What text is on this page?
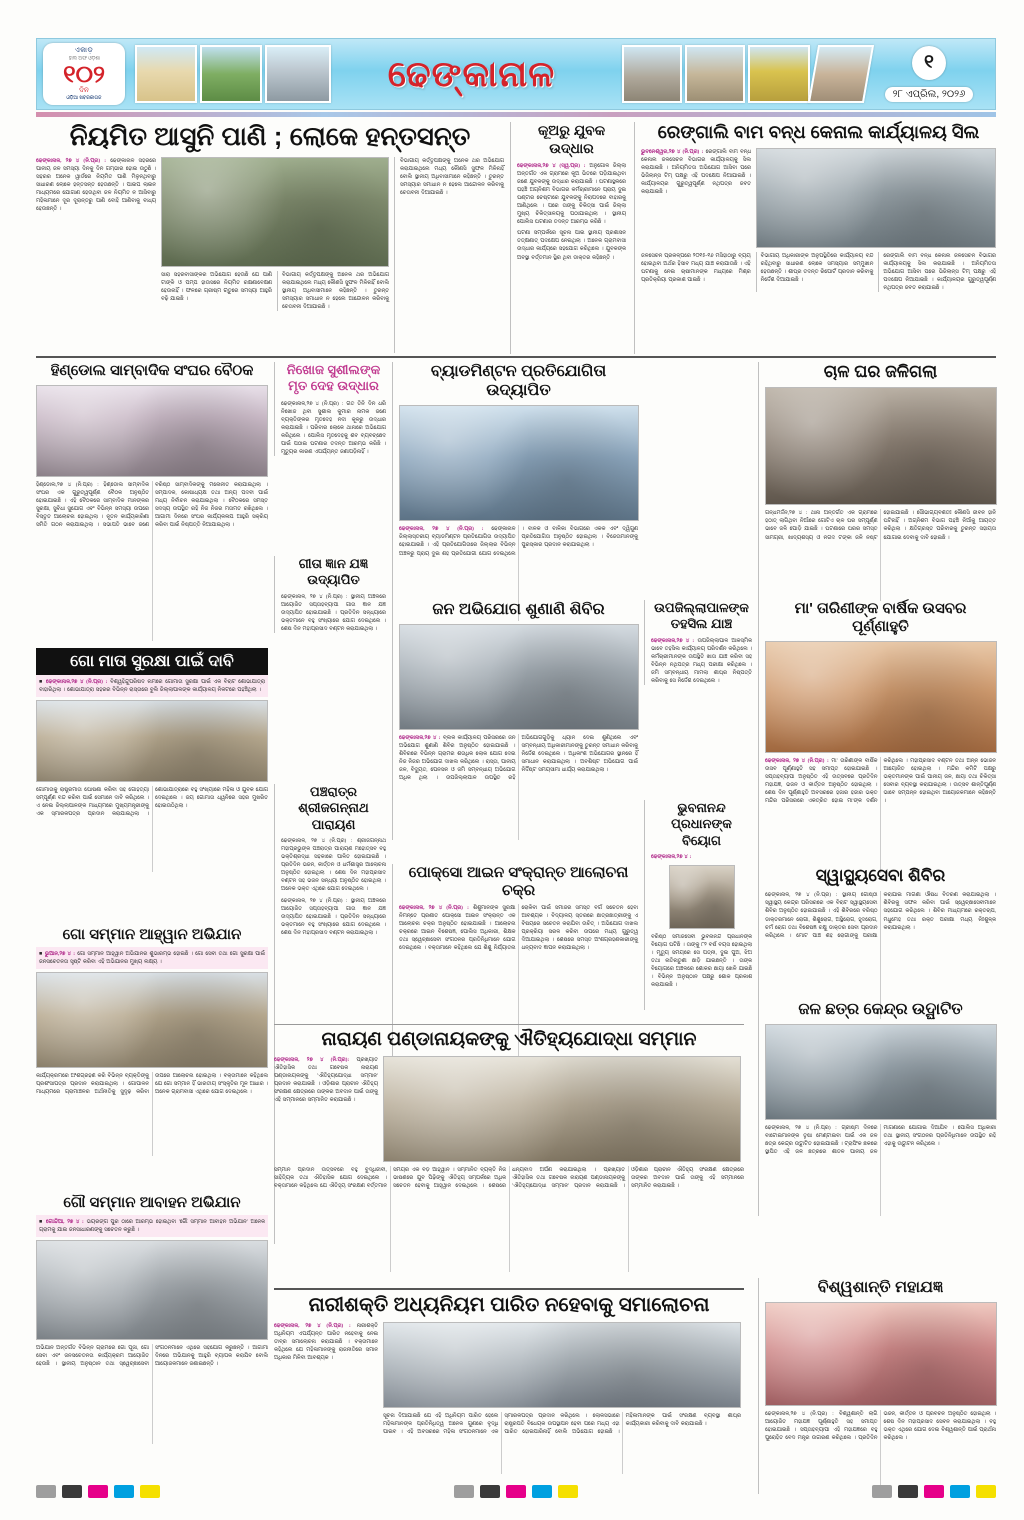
ଏକାଡ଼
ହାଲ ଅଫ ଓଡ଼ିଶା
୧୦୨
ଦିନ
ଓଡ଼ିଆ ଖବରକାଗଜ
ଢେଙ୍କାନାଳ	୧
୨୮ ଏପ୍ରିଲ, ୨୦୨୬
ନିୟମିତ ଆସୁନି ପାଣି ; ଲୋକେ ହନ୍ତସନ୍ତ
ଢେଙ୍କାନାଳ, ୨୭ ୪ (ନି.ପ୍ର) : ଢେଙ୍କାନାଳ ସହରରେ ପାନୀୟ ଜଳ ସମସ୍ୟା ଦିନକୁ ଦିନ ଗମ୍ଭୀର ହୋଇ ଉଠୁଛି । ସହରର ଅନେକ ୱାର୍ଡରେ ନିୟମିତ ପାଣି ମିଳୁନଥିବାରୁ ସାଧାରଣ ଲୋକେ ହନ୍ତସନ୍ତ ହେଉଛନ୍ତି । ପାଇପ ଲାଇନ ମାଧ୍ୟମରେ ଯୋଗାଣ ହେଉଥିବା ଜଳ ନିୟମିତ ନ ଆସିବାରୁ ମହିଳାମାନେ ଦୂର ଦୂରାନ୍ତରୁ ପାଣି ବୋହି ଆଣିବାକୁ ବାଧ୍ୟ ହେଉଛନ୍ତି ।
ସାରା ସହରବାସୀଙ୍କର ଅଭିଯୋଗ ହେଉଛି ଯେ ପାଣି ଟାଙ୍କି ଓ ପମ୍ପ ହାଉସରେ ନିୟମିତ ରକ୍ଷଣାବେକ୍ଷଣ ହେଉନାହିଁ । ଫଳରେ ଗ୍ରୀଷ୍ମ ଋତୁରେ ସମସ୍ୟା ଆହୁରି ବଢ଼ି ଯାଇଛି ।
ବିଭାଗୀୟ କର୍ତ୍ତୃପକ୍ଷଙ୍କୁ ଅନେକ ଥର ଅଭିଯୋଗ କରାଯାଇଥିଲେ ମଧ୍ୟ କୌଣସି ସୁଫଳ ମିଳିନାହିଁ ବୋଲି ସ୍ଥାନୀୟ ଅଧିବାସୀମାନେ କହିଛନ୍ତି । ତୁରନ୍ତ ସମସ୍ୟାର ସମାଧାନ ନ ହେଲେ ଆନ୍ଦୋଳନ କରିବାକୁ ଚେତାବନୀ ଦିଆଯାଇଛି ।
ବିଭାଗୀୟ କର୍ତ୍ତୃପକ୍ଷଙ୍କୁ ଅନେକ ଥର ଅଭିଯୋଗ କରାଯାଇଥିଲେ ମଧ୍ୟ କୌଣସି ସୁଫଳ ମିଳିନାହିଁ ବୋଲି ସ୍ଥାନୀୟ ଅଧିବାସୀମାନେ କହିଛନ୍ତି । ତୁରନ୍ତ ସମସ୍ୟାର ସମାଧାନ ନ ହେଲେ ଆନ୍ଦୋଳନ କରିବାକୁ ଚେତାବନୀ ଦିଆଯାଇଛି ।
କୂଅରୁ ଯୁବକ ଉଦ୍ଧାର
ଢେଙ୍କାନାଳ,୨୭ ୪ (ସ୍ୱ.ପ୍ର) : ଅନୁଗୋଳ ଜିଲ୍ଲା ଅନ୍ତର୍ଗତ ଏକ ଗ୍ରାମରେ କୂଅ ଭିତରେ ପଡ଼ିଯାଇଥିବା ଜଣେ ଯୁବକଙ୍କୁ ଉଦ୍ଧାର କରାଯାଇଛି । ଘଟଣାସ୍ଥଳରେ ପହଞ୍ଚି ଅଗ୍ନିଶମ ବିଭାଗର କର୍ମଚାରୀମାନେ ପ୍ରାୟ ଦୁଇ ଘଣ୍ଟାର ଚେଷ୍ଟାରେ ଯୁବକଙ୍କୁ ନିରାପଦରେ ବାହାରକୁ ଆଣିଥିଲେ । ପରେ ତାଙ୍କୁ ଚିକିତ୍ସା ପାଇଁ ଜିଲ୍ଲା ମୁଖ୍ୟ ଚିକିତ୍ସାଳୟକୁ ପଠାଯାଇଥିଲା । ସ୍ଥାନୀୟ ପୋଲିସ ଘଟଣାର ତଦନ୍ତ ଆରମ୍ଭ କରିଛି ।
ଘଟଣା ସମ୍ପର୍କରେ ସୂଚନା ପାଇ ସ୍ଥାନୀୟ ପ୍ରଶାସନ ତତ୍‌କ୍ଷଣାତ୍ ପଦକ୍ଷେପ ନେଇଥିଲା । ଅନେକ ଗ୍ରାମବାସୀ ଉଦ୍ଧାର କାର୍ଯ୍ୟରେ ସହଯୋଗ କରିଥିଲେ । ଯୁବକଙ୍କ ଅବସ୍ଥା ବର୍ତ୍ତମାନ ସ୍ଥିର ଥିବା ଡାକ୍ତର କହିଛନ୍ତି ।
ରେଙ୍ଗାଲି ବାମ ବନ୍ଧ କେନାଲ କାର୍ଯ୍ୟାଳୟ ସିଲ
ଭୁବନେଶ୍ୱର,୨୭ ୪ (ନି.ପ୍ର) : ରେଙ୍ଗାଲି ବାମ ବନ୍ଧ କେନାଲ ଜଳସେଚନ ବିଭାଗର କାର୍ଯ୍ୟାଳୟକୁ ସିଲ କରାଯାଇଛି । ଅନିୟମିତତା ଅଭିଯୋଗ ଆସିବା ପରେ ଭିଜିଲାନ୍ସ ଟିମ୍ ପକ୍ଷରୁ ଏହି ପଦକ୍ଷେପ ନିଆଯାଇଛି । କାର୍ଯ୍ୟାଳୟର ଗୁରୁତ୍ୱପୂର୍ଣ୍ଣ ନଥିପତ୍ର ଜବତ କରାଯାଇଛି ।
ଜଳସେଚନ ପ୍ରକଳ୍ପରେ ୨୦୧୫-୧୬ ମସିହାଠାରୁ ବ୍ୟୟ ହୋଇଥିବା ଅର୍ଥର ହିସାବ ମଧ୍ୟ ଯାଞ୍ଚ କରାଯାଉଛି । ଏହି ଘଟଣାକୁ ନେଇ ଚାଷୀମାନଙ୍କ ମଧ୍ୟରେ ମିଶ୍ର ପ୍ରତିକ୍ରିୟା ପ୍ରକାଶ ପାଇଛି ।
ବିଭାଗୀୟ ଅଧିକାରୀଙ୍କ ଅନୁପସ୍ଥିତିରେ କାର୍ଯ୍ୟାଳୟ ବନ୍ଦ ରହିଥିବାରୁ ସାଧାରଣ ଲୋକେ ସମସ୍ୟାର ସମ୍ମୁଖୀନ ହେଉଛନ୍ତି । ଶୀଘ୍ର ତଦନ୍ତ ରିପୋର୍ଟ ପ୍ରଦାନ କରିବାକୁ ନିର୍ଦ୍ଦେଶ ଦିଆଯାଇଛି ।
ରେଙ୍ଗାଲି ବାମ ବନ୍ଧ କେନାଲ ଜଳସେଚନ ବିଭାଗର କାର୍ଯ୍ୟାଳୟକୁ ସିଲ କରାଯାଇଛି । ଅନିୟମିତତା ଅଭିଯୋଗ ଆସିବା ପରେ ଭିଜିଲାନ୍ସ ଟିମ୍ ପକ୍ଷରୁ ଏହି ପଦକ୍ଷେପ ନିଆଯାଇଛି । କାର୍ଯ୍ୟାଳୟର ଗୁରୁତ୍ୱପୂର୍ଣ୍ଣ ନଥିପତ୍ର ଜବତ କରାଯାଇଛି ।
ହିଣ୍ଡୋଲ ସାମ୍ବାଦିକ ସଂଘର ବୈଠକ
ହିଣ୍ଡୋଲ,୨୭ ୪ (ନି.ପ୍ର) : ହିଣ୍ଡୋଲ ସାମ୍ବାଦିକ ସଂଘର ଏକ ଗୁରୁତ୍ୱପୂର୍ଣ୍ଣ ବୈଠକ ଅନୁଷ୍ଠିତ ହୋଇଯାଇଛି । ଏହି ବୈଠକରେ ସାମ୍ବାଦିକ ମାନଙ୍କର ସୁରକ୍ଷା, ସୁବିଧା ସୁଯୋଗ ଏବଂ ବିଭିନ୍ନ ସମସ୍ୟା ଉପରେ ବିସ୍ତୃତ ଆଲୋଚନା ହୋଇଥିଲା । ନୂତନ କାର୍ଯ୍ୟକାରିଣୀ ସମିତି ଗଠନ କରାଯାଇଥିଲା । ସଭାପତି ଭାବେ ଜଣେ ବରିଷ୍ଠ ସାମ୍ବାଦିକଙ୍କୁ ମନୋନୀତ କରାଯାଇଥିଲା । ସମ୍ପାଦକ, କୋଷାଧ୍ୟକ୍ଷ ତଥା ଅନ୍ୟ ପଦବୀ ପାଇଁ ମଧ୍ୟ ନିର୍ବାଚନ କରାଯାଇଥିଲା । ବୈଠକରେ ସମସ୍ତ ସଦସ୍ୟ ଉପସ୍ଥିତ ରହି ନିଜ ନିଜର ମତାମତ ରଖିଥିଲେ । ଆଗାମୀ ଦିନରେ ସଂଘର କାର୍ଯ୍ୟକଳାପ ଆହୁରି ସକ୍ରିୟ କରିବା ପାଇଁ ନିଷ୍ପତ୍ତି ନିଆଯାଇଥିଲା ।
ଗୋ ମାତା ସୁରକ୍ଷା ପାଇଁ ଦାବି
■ ଢେଙ୍କାନାଳ,୨୭ ୪ (ନି.ପ୍ର) : ବିଶ୍ୱହିନ୍ଦୁପରିଷଦ ନାମରେ ଗୋମାତା ସୁରକ୍ଷା ପାଇଁ ଏକ ବିରାଟ ଶୋଭାଯାତ୍ରା ବାହାରିଥିଲା । ଶୋଭାଯାତ୍ରା ସହରର ବିଭିନ୍ନ ରାସ୍ତାରେ ବୁଲି ଜିଲ୍ଲାପାଳଙ୍କ କାର୍ଯ୍ୟାଳୟ ନିକଟରେ ପହଞ୍ଚିଥିଲା ।
ଗୋମାତାକୁ ରାଷ୍ଟ୍ରମାତା ଘୋଷଣା କରିବା ସହ ଗୋହତ୍ୟା ସମ୍ପୂର୍ଣ୍ଣ ବନ୍ଦ କରିବା ପାଇଁ ସେମାନେ ଦାବି କରିଥିଲେ । ଏ ନେଇ ଜିଲ୍ଲାପାଳଙ୍କ ମାଧ୍ୟମରେ ମୁଖ୍ୟମନ୍ତ୍ରୀଙ୍କୁ ଏକ ସ୍ମାରକପତ୍ର ପ୍ରଦାନ କରାଯାଇଥିଲା । ଶୋଭାଯାତ୍ରାରେ ବହୁ ସଂଖ୍ୟାରେ ମହିଳା ଓ ଯୁବକ ଯୋଗ ଦେଇଥିଲେ । ଜୟ ଗୋମାତା ଧ୍ୱନିରେ ସହର ମୁଖରିତ ହୋଇଉଠିଥିଲା ।
ଗୋ ସମ୍ମାନ ଆହ୍ୱାନ ଅଭିଯାନ
■ ଭୁଆନ,୨୭ ୪ : ଗୋ ସମ୍ମାନ ଆହ୍ୱାନ ଅଭିଯାନର ଶୁଭାରମ୍ଭ ହୋଇଛି । ଗୋ ସେବା ତଥା ଗୋ ସୁରକ୍ଷା ପାଇଁ ଜନସଚେତନତା ସୃଷ୍ଟି କରିବା ଏହି ଅଭିଯାନର ମୁଖ୍ୟ ଲକ୍ଷ୍ୟ ।
କାର୍ଯ୍ୟକ୍ରମରେ ଅଂଶଗ୍ରହଣ କରି ବିଭିନ୍ନ ବ୍ୟକ୍ତିଙ୍କୁ ପ୍ରଶଂସାପତ୍ର ପ୍ରଦାନ କରାଯାଇଥିଲା । ଗୋପାଳନ ମାଧ୍ୟମରେ ଗ୍ରାମାଞ୍ଚଳର ଅର୍ଥନୀତିକୁ ସୁଦୃଢ଼ କରିବା ଉପରେ ଆଲୋଚନା ହୋଇଥିଲା । ବକ୍ତାମାନେ କହିଥିଲେ ଯେ ଗୋ ସମ୍ମାନ ହିଁ ଭାରତୀୟ ସଂସ୍କୃତିର ମୂଳ ଆଧାର । ଅନେକ ଗ୍ରାମବାସୀ ଏଥିରେ ଯୋଗ ଦେଇଥିଲେ ।
ଗୌ ସମ୍ମାନ ଆବାହନ ଅଭିଯାନ
■ ଗୋନ୍ଦିଆ, ୨୭ ୪ : ଭୟରଙ୍ଗ ପୁର ଠାରେ ଆରମ୍ଭ ହୋଇଥିବା 'ଗୌ ସମ୍ମାନ ଆବାହନ ଅଭିଯାନ' ଅନେକ ଗ୍ରାମକୁ ଯାଇ ଜନସାଧାରଣଙ୍କୁ ସଚେତନ କରୁଛି ।
ଅଭିଯାନ ଅନ୍ତର୍ଗତ ବିଭିନ୍ନ ଗ୍ରାମରେ ଗୋ ପୂଜା, ଗୋ ସେବା ଏବଂ ଜନସଚେତନତା କାର୍ଯ୍ୟକ୍ରମ ଆୟୋଜିତ ହେଉଛି । ସ୍ଥାନୀୟ ଅନୁଷ୍ଠାନ ତଥା ସ୍ୱେଚ୍ଛାସେବୀ ସଂଗଠନମାନେ ଏଥିରେ ସହଯୋଗ କରୁଛନ୍ତି । ଆଗାମୀ ଦିନରେ ଅଭିଯାନକୁ ଆହୁରି ବ୍ୟାପକ କରାଯିବ ବୋଲି ଆୟୋଜକମାନେ ଜଣାଇଛନ୍ତି ।
ନିଖୋଜ ସୁଶୀଲଙ୍କ
ମୃତ ଦେହ ଉଦ୍ଧାର
ଢେଙ୍କାନାଳ,୨୭ ୪ (ନି.ପ୍ର) : ଗତ ତିନି ଦିନ ଧରି ନିଖୋଜ ଥିବା ସୁଶୀଲ କୁମାର ନାମକ ଜଣେ ବ୍ୟକ୍ତିଙ୍କର ମୃତଦେହ ନଦୀ କୂଳରୁ ଉଦ୍ଧାର କରାଯାଇଛି । ପରିବାର ଲୋକେ ଥାନାରେ ଅଭିଯୋଗ କରିଥିଲେ । ପୋଲିସ ମୃତଦେହକୁ ଶବ ବ୍ୟବଚ୍ଛେଦ ପାଇଁ ପଠାଇ ଘଟଣାର ତଦନ୍ତ ଆରମ୍ଭ କରିଛି । ମୃତ୍ୟୁର କାରଣ ଏପର୍ଯ୍ୟନ୍ତ ଜଣାପଡ଼ିନାହିଁ ।
ଗୀତା ଜ୍ଞାନ ଯଜ୍ଞ
ଉଦ୍ୟାପିତ
ଢେଙ୍କାନାଳ, ୨୭ ୪ (ନି.ପ୍ର) : ସ୍ଥାନୀୟ ଅଞ୍ଚଳରେ ଆୟୋଜିତ ସପ୍ତାହବ୍ୟାପୀ ଗୀତା ଜ୍ଞାନ ଯଜ୍ଞ ଉଦ୍ୟାପିତ ହୋଇଯାଇଛି । ପ୍ରତିଦିନ ସନ୍ଧ୍ୟାରେ ଭକ୍ତମାନେ ବହୁ ସଂଖ୍ୟାରେ ଯୋଗ ଦେଇଥିଲେ । ଶେଷ ଦିନ ମହାପ୍ରସାଦ ବଣ୍ଟନ କରାଯାଇଥିଲା ।
ପଞ୍ଚରାତ୍ର ଶ୍ରୀଜଗନ୍ନାଥ
ପାରାୟଣ
ଢେଙ୍କାନାଳ, ୨୭ ୪ (ନି.ପ୍ର) : ଶ୍ରୀଜଗନ୍ନାଥ ମହାପ୍ରଭୁଙ୍କ ପଞ୍ଚରାତ୍ର ପାରାୟଣ ମହୋତ୍ସବ ବହୁ ଭକ୍ତିଶ୍ରଦ୍ଧା ସହକାରେ ପାଳିତ ହୋଇଯାଇଛି । ପ୍ରତିଦିନ ଭଜନ, କୀର୍ତ୍ତନ ଓ ଧର୍ମଶାସ୍ତ୍ର ଆଲୋଚନା ଅନୁଷ୍ଠିତ ହୋଇଥିଲା । ଶେଷ ଦିନ ମହାପ୍ରସାଦ ବଣ୍ଟନ ସହ ଭଜନ ସନ୍ଧ୍ୟା ଅନୁଷ୍ଠିତ ହୋଇଥିଲା । ଅନେକ ଭକ୍ତ ଏଥିରେ ଯୋଗ ଦେଇଥିଲେ ।
ଢେଙ୍କାନାଳ, ୨୭ ୪ (ନି.ପ୍ର) : ସ୍ଥାନୀୟ ଅଞ୍ଚଳରେ ଆୟୋଜିତ ସପ୍ତାହବ୍ୟାପୀ ଗୀତା ଜ୍ଞାନ ଯଜ୍ଞ ଉଦ୍ୟାପିତ ହୋଇଯାଇଛି । ପ୍ରତିଦିନ ସନ୍ଧ୍ୟାରେ ଭକ୍ତମାନେ ବହୁ ସଂଖ୍ୟାରେ ଯୋଗ ଦେଇଥିଲେ । ଶେଷ ଦିନ ମହାପ୍ରସାଦ ବଣ୍ଟନ କରାଯାଇଥିଲା ।
ବ୍ୟାଡମିଣ୍ଟନ ପ୍ରତିଯୋଗିତା ଉଦ୍ୟାପିତ
ଢେଙ୍କାନାଳ, ୨୭ ୪ (ନି.ପ୍ର) : ଢେଙ୍କାନାଳ ଜିଲ୍ଲାସ୍ତରୀୟ ବ୍ୟାଡମିଣ୍ଟନ ପ୍ରତିଯୋଗିତା ଉଦ୍ୟାପିତ ହୋଇଯାଇଛି । ଏହି ପ୍ରତିଯୋଗିତାରେ ଜିଲ୍ଲାର ବିଭିନ୍ନ ଅଞ୍ଚଳରୁ ପ୍ରାୟ ଦୁଇ ଶହ ପ୍ରତିଯୋଗୀ ଯୋଗ ଦେଇଥିଲେ । ବାଳକ ଓ ବାଳିକା ବିଭାଗରେ ଏକକ ଏବଂ ଦ୍ୱିଗୁଣ ପ୍ରତିଯୋଗିତା ଅନୁଷ୍ଠିତ ହୋଇଥିଲା । ବିଜେତାମାନଙ୍କୁ ପୁରସ୍କାର ପ୍ରଦାନ କରାଯାଇଥିଲା ।
ଜନ ଅଭିଯୋଗ ଶୁଣାଣି ଶିବିର
ଢେଙ୍କାନାଳ,୨୭ ୪ : ବ୍ଲକ କାର୍ଯ୍ୟାଳୟ ପରିସରରେ ଜନ ଅଭିଯୋଗ ଶୁଣାଣି ଶିବିର ଅନୁଷ୍ଠିତ ହୋଇଯାଇଛି । ଶିବିରରେ ବିଭିନ୍ନ ଗ୍ରାମର ଶତାଧିକ ଲୋକ ଯୋଗ ଦେଇ ନିଜ ନିଜର ଅଭିଯୋଗ ଦାଖଲ କରିଥିଲେ । ରାସ୍ତା, ପାନୀୟ ଜଳ, ବିଦ୍ୟୁତ, ପେନସନ ଓ ଜମି ସମ୍ବନ୍ଧୀୟ ଅଭିଯୋଗ ଅଧିକ ଥିଲା । ଉପଜିଲ୍ଲାପାଳ ଉପସ୍ଥିତ ରହି ଅଭିଯୋଗଗୁଡ଼ିକୁ ଧ୍ୟାନ ଦେଇ ଶୁଣିଥିଲେ ଏବଂ ସମ୍ବନ୍ଧୀୟ ଅଧିକାରୀମାନଙ୍କୁ ତୁରନ୍ତ ସମାଧାନ କରିବାକୁ ନିର୍ଦ୍ଦେଶ ଦେଇଥିଲେ । ଅଧିକାଂଶ ଅଭିଯୋଗର ସ୍ଥାନରେ ହିଁ ସମାଧାନ କରାଯାଇଥିଲା । ଅବଶିଷ୍ଟ ଅଭିଯୋଗ ପାଇଁ ନିର୍ଦ୍ଦିଷ୍ଟ ସମୟସୀମା ଧାର୍ଯ୍ୟ କରାଯାଇଥିଲା ।
ପୋକ୍‌ସୋ ଆଇନ ସଂକ୍ରାନ୍ତ ଆଲୋଚନା ଚକ୍ର
ଢେଙ୍କାନାଳ, ୨୭ ୪ (ନି.ପ୍ର) : ଶିଶୁମାନଙ୍କ ସୁରକ୍ଷା ନିମନ୍ତେ ପ୍ରଣୀତ ପୋକ୍‌ସୋ ଆଇନ ସଂକ୍ରାନ୍ତ ଏକ ଆଲୋଚନା ଚକ୍ର ଅନୁଷ୍ଠିତ ହୋଇଯାଇଛି । ଆଲୋଚନା ଚକ୍ରରେ ଆଇନ ବିଶେଷଜ୍ଞ, ପୋଲିସ ଅଧିକାରୀ, ଶିକ୍ଷକ ତଥା ସ୍ୱେଚ୍ଛାସେବୀ ସଂଗଠନର ପ୍ରତିନିଧିମାନେ ଯୋଗ ଦେଇଥିଲେ । ବକ୍ତାମାନେ କହିଥିଲେ ଯେ ଶିଶୁ ନିର୍ଯ୍ୟାତନା ରୋକିବା ପାଇଁ ସମାଜର ସମସ୍ତ ବର୍ଗ ସଚେତନ ହେବା ଆବଶ୍ୟକ । ବିଦ୍ୟାଳୟ ସ୍ତରରେ ଛାତ୍ରଛାତ୍ରୀଙ୍କୁ ଏ ବିଷୟରେ ସଚେତନ କରାଯିବା ଉଚିତ୍ । ଅଭିଯୋଗ ଦାଖଲ ପ୍ରକ୍ରିୟା ସରଳ କରିବା ଉପରେ ମଧ୍ୟ ଗୁରୁତ୍ୱ ଦିଆଯାଇଥିଲା । ଶେଷରେ ସମସ୍ତ ଅଂଶଗ୍ରହଣକାରୀଙ୍କୁ ଧନ୍ୟବାଦ ଜ୍ଞାପନ କରାଯାଇଥିଲା ।
ନାରାୟଣ ପଣ୍ଡାନାୟକଙ୍କୁ ଐତିହ୍ୟଯୋଦ୍ଧା ସମ୍ମାନ
ଢେଙ୍କାନାଳ, ୨୭ ୪ (ନି.ପ୍ର): ପ୍ରଖ୍ୟାତ ଐତିହାସିକ ତଥା ଗବେଷକ ନାରାୟଣ ପଣ୍ଡାନାୟକଙ୍କୁ 'ଐତିହ୍ୟଯୋଦ୍ଧା ସମ୍ମାନ' ପ୍ରଦାନ କରାଯାଇଛି । ଓଡ଼ିଶାର ପ୍ରାଚୀନ ଐତିହ୍ୟ ସଂରକ୍ଷଣ କ୍ଷେତ୍ରରେ ତାଙ୍କର ଅବଦାନ ପାଇଁ ତାଙ୍କୁ ଏହି ସମ୍ମାନରେ ସମ୍ମାନିତ କରାଯାଇଛି ।
ସମ୍ମାନ ପ୍ରଦାନ ଉତ୍ସବରେ ବହୁ ବୁଦ୍ଧିଜୀବୀ, ସାହିତ୍ୟିକ ତଥା ଐତିହାସିକ ଯୋଗ ଦେଇଥିଲେ । ବକ୍ତାମାନେ କହିଥିଲେ ଯେ ଐତିହ୍ୟ ସଂରକ୍ଷଣ ବର୍ତ୍ତମାନ ସମୟର ଏକ ବଡ଼ ଆହ୍ୱାନ । ସମ୍ମାନିତ ବ୍ୟକ୍ତି ନିଜ ଭାଷଣରେ ଯୁବ ପିଢ଼ିଙ୍କୁ ଐତିହ୍ୟ ସମ୍ପର୍କରେ ଅଧିକ ସଚେତନ ହେବାକୁ ଆହ୍ୱାନ ଦେଇଥିଲେ । ଶେଷରେ ଧନ୍ୟବାଦ ଅର୍ପଣ କରାଯାଇଥିଲା । ପ୍ରଖ୍ୟାତ ଐତିହାସିକ ତଥା ଗବେଷକ ନାରାୟଣ ପଣ୍ଡାନାୟକଙ୍କୁ 'ଐତିହ୍ୟଯୋଦ୍ଧା ସମ୍ମାନ' ପ୍ରଦାନ କରାଯାଇଛି । ଓଡ଼ିଶାର ପ୍ରାଚୀନ ଐତିହ୍ୟ ସଂରକ୍ଷଣ କ୍ଷେତ୍ରରେ ତାଙ୍କର ଅବଦାନ ପାଇଁ ତାଙ୍କୁ ଏହି ସମ୍ମାନରେ ସମ୍ମାନିତ କରାଯାଇଛି ।
ନାରୀଶକ୍ତି ଅଧ୍ୟନିୟମ ପାରିତ ନହେବାକୁ ସମାଲୋଚନା
ଢେଙ୍କାନାଳ, ୨୭ ୪ (ନି.ପ୍ର) : ନାରୀଶକ୍ତି ଅଧିନିୟମ ଏପର୍ଯ୍ୟନ୍ତ ପାରିତ ନହେବାକୁ ନେଇ ତୀବ୍ର ସମାଲୋଚନା କରାଯାଇଛି । ବକ୍ତାମାନେ କହିଥିଲେ ଯେ ମହିଳାମାନଙ୍କୁ ରାଜନୀତିରେ ସମାନ ଅଧିକାର ମିଳିବା ଆବଶ୍ୟକ ।
ସୂଚନା ଦିଆଯାଇଛି ଯେ ଏହି ଅଧିନିୟମ ପାରିତ ହେଲେ ମହିଳାମାନଙ୍କ ପ୍ରତିନିଧିତ୍ୱ ଅନେକ ଗୁଣରେ ବୃଦ୍ଧି ପାଇବ । ଏହି ଅବସରରେ ମହିଳା ସଂଗଠନମାନେ ଏକ ସ୍ମାରକପତ୍ର ପ୍ରଦାନ କରିଥିଲେ । ଲୋକସଭାରେ ରାଷ୍ଟ୍ରପତି ବିଧେୟକ ଉପସ୍ଥାପନ ହେବା ପରେ ମଧ୍ୟ ଏହା ପାରିତ ହୋଇପାରିନାହିଁ ବୋଲି ଅଭିଯୋଗ ହୋଇଛି । ମହିଳାମାନଙ୍କ ପାଇଁ ସଂରକ୍ଷଣ ବ୍ୟବସ୍ଥା ଶୀଘ୍ର କାର୍ଯ୍ୟକାରୀ କରିବାକୁ ଦାବି କରାଯାଇଛି ।
ଉପଜିଲ୍ଲାପାଳଙ୍କ
ତହସିଲ ଯାଞ୍ଚ
ଢେଙ୍କାନାଳ,୨୭ ୪ : ଉପଜିଲ୍ଲାପାଳ ଆକସ୍ମିକ ଭାବେ ତହସିଲ କାର୍ଯ୍ୟାଳୟ ପରିଦର୍ଶନ କରିଥିଲେ । କର୍ମଚାରୀମାନଙ୍କ ଉପସ୍ଥିତି ଖାତା ଯାଞ୍ଚ କରିବା ସହ ବିଭିନ୍ନ ନଥିପତ୍ର ମଧ୍ୟ ପରୀକ୍ଷା କରିଥିଲେ । ଜମି ସମ୍ବନ୍ଧୀୟ ମାମଲା ଶୀଘ୍ର ନିଷ୍ପତ୍ତି କରିବାକୁ ସେ ନିର୍ଦ୍ଦେଶ ଦେଇଥିଲେ ।
ଭୁବନାନନ୍ଦ
ପ୍ରଧାନଙ୍କ ବିୟୋଗ
ଢେଙ୍କାନାଳ,୨୭ ୪ :
ବରିଷ୍ଠ ସମାଜସେବୀ ଭୁବନାନନ୍ଦ ପ୍ରଧାନଙ୍କ ବିୟୋଗ ଘଟିଛି । ତାଙ୍କୁ ୮୨ ବର୍ଷ ବୟସ ହୋଇଥିଲା । ମୃତ୍ୟୁ ସମୟରେ ସେ ପତ୍ନୀ, ଦୁଇ ପୁଅ, ଝିଅ ତଥା ନାତିନାତୁଣୀ ଛାଡ଼ି ଯାଇଛନ୍ତି । ତାଙ୍କ ବିୟୋଗରେ ଅଞ୍ଚଳରେ ଶୋକର ଛାୟା ଖେଳି ଯାଇଛି । ବିଭିନ୍ନ ଅନୁଷ୍ଠାନ ପକ୍ଷରୁ ଶୋକ ପ୍ରକାଶ କରାଯାଇଛି ।
ମା' ତାରିଣୀଙ୍କ ବାର୍ଷିକ ଉସବର ପୂର୍ଣ୍ଣାହୁତି
ଢେଙ୍କାନାଳ, ୨୭ ୪ (ନି.ପ୍ର) : ମା' ତାରିଣୀଙ୍କ ବାର୍ଷିକ ଉସବ ପୂର୍ଣ୍ଣାହୁତି ସହ ସମାପ୍ତ ହୋଇଯାଇଛି । ସପ୍ତାହବ୍ୟାପୀ ଅନୁଷ୍ଠିତ ଏହି ଉତ୍ସବରେ ପ୍ରତିଦିନ ମହାଯଜ୍ଞ, ଭଜନ ଓ କୀର୍ତ୍ତନ ଅନୁଷ୍ଠିତ ହୋଇଥିଲା । ଶେଷ ଦିନ ପୂର୍ଣ୍ଣାହୁତି ଅବସରରେ ହଜାର ହଜାର ଭକ୍ତ ମନ୍ଦିର ପରିସରରେ ଏକତ୍ରିତ ହୋଇ ମା'ଙ୍କ ଦର୍ଶନ କରିଥିଲେ । ମହାପ୍ରସାଦ ବଣ୍ଟନ ତଥା ଅନ୍ନ ଭୋଜନ ଆୟୋଜିତ ହୋଇଥିଲା । ମନ୍ଦିର କମିଟି ପକ୍ଷରୁ ଭକ୍ତମାନଙ୍କ ପାଇଁ ପାନୀୟ ଜଳ, ଛାୟା ତଥା ଚିକିତ୍ସା ସେବାର ବ୍ୟବସ୍ଥା କରାଯାଇଥିଲା । ଉତ୍ସବ ଶାନ୍ତିପୂର୍ଣ୍ଣ ଭାବେ ସମ୍ପନ୍ନ ହୋଇଥିବା ଆୟୋଜକମାନେ କହିଛନ୍ତି ।
ଚାଳ ଘର ଜଳିଗଲା
ଗନ୍ଧମର୍ଦ୍ଦନ,୨୭ ୪ : ଥାନା ଅନ୍ତର୍ଗତ ଏକ ଗ୍ରାମରେ ହଠାତ୍ ଲାଗିଥିବା ନିଆଁରେ ଗୋଟିଏ ଚାଳ ଘର ସମ୍ପୂର୍ଣ୍ଣ ଭାବେ ଜଳି ପୋଡ଼ି ଯାଇଛି । ଘଟଣାରେ ଘରର ସମସ୍ତ ସାମଗ୍ରୀ, ଖାଦ୍ୟଶସ୍ୟ ଓ ନଗଦ ଟଙ୍କା ଜଳି ନଷ୍ଟ ହୋଇଯାଇଛି । ସୌଭାଗ୍ୟବଶତଃ କୌଣସି ଜୀବନ ହାନି ଘଟିନାହିଁ । ଅଗ୍ନିଶମ ବିଭାଗ ପହଞ୍ଚି ନିଆଁକୁ ଆୟତ୍ତ କରିଥିଲା । କ୍ଷତିଗ୍ରସ୍ତ ପରିବାରକୁ ତୁରନ୍ତ ସହାୟତା ଯୋଗାଇ ଦେବାକୁ ଦାବି ହୋଇଛି ।
ସ୍ୱାସ୍ଥ୍ୟସେବା ଶିବିର
ଢେଙ୍କାନାଳ, ୨୭ ୪ (ନି.ପ୍ର) : ସ୍ଥାନୀୟ ଗୋଷ୍ଠୀ ସ୍ୱାସ୍ଥ୍ୟ କେନ୍ଦ୍ର ପରିସରରେ ଏକ ବିରାଟ ସ୍ୱାସ୍ଥ୍ୟସେବା ଶିବିର ଅନୁଷ୍ଠିତ ହୋଇଯାଇଛି । ଏହି ଶିବିରରେ ବରିଷ୍ଠ ଡାକ୍ତରମାନେ ରୋଗୀ, ଶିଶୁରୋଗ, ଅସ୍ଥିରୋଗ, ହୃଦରୋଗ, ଚର୍ମ ରୋଗ ତଥା ବିଶେଷଜ୍ଞ ଚକ୍ଷୁ ଡାକ୍ତର ସେବା ପ୍ରଦାନ କରିଥିଲେ । ମୋଟ ପାଞ୍ଚ ଶହ ରୋଗୀଙ୍କୁ ପରୀକ୍ଷା କରାଯାଇ ମାଗଣା ଔଷଧ ବିତରଣ କରାଯାଇଥିଲା । ଶିବିରକୁ ସଫଳ କରିବା ପାଇଁ ସ୍ୱେଚ୍ଛାସେବୀମାନେ ସହଯୋଗ କରିଥିଲେ । ଶିବିର ମାଧ୍ୟମରେ ରକ୍ତଚାପ, ମଧୁମେହ ତଥା ରକ୍ତ ପରୀକ୍ଷା ମଧ୍ୟ ନିଃଶୁଳ୍କ କରାଯାଇଥିଲା ।
ଜଳ ଛତ୍ର କେନ୍ଦ୍ର ଉଦ୍ଘାଟିତ
ଢେଙ୍କାନାଳ, ୨୭ ୪ (ନି.ପ୍ର) : ଗ୍ରୀଷ୍ମ ଦିନରେ ବାଟୋଇମାନଙ୍କ ତୃଷା ମେଣ୍ଟାଇବା ପାଇଁ ଏକ ଜଳ ଛତ୍ର କେନ୍ଦ୍ର ଉଦ୍ଘାଟିତ ହୋଇଯାଇଛି । ଟ୍ରାଫିକ ଛକରେ ସ୍ଥାପିତ ଏହି ଜଳ ଛତ୍ରରେ ଶୀତଳ ପାନୀୟ ଜଳ ମାଗଣାରେ ଯୋଗାଇ ଦିଆଯିବ । ପୋଲିସ ଅଧିକାରୀ ତଥା ସ୍ଥାନୀୟ ସଂଗଠନର ପ୍ରତିନିଧିମାନେ ଉପସ୍ଥିତ ରହି ଏହାକୁ ଉଦ୍ଘାଟନ କରିଥିଲେ ।
ବିଶ୍ୱଶାନ୍ତି ମହାଯଜ୍ଞ
ଢେଙ୍କାନାଳ,୨୭ ୪ (ନି.ପ୍ର) : ବିଶ୍ୱଶାନ୍ତି ଲାଗି ଆୟୋଜିତ ମହାଯଜ୍ଞ ପୂର୍ଣ୍ଣାହୁତି ସହ ସମାପ୍ତ ହୋଇଯାଇଛି । ସପ୍ତାହବ୍ୟାପୀ ଏହି ମହାଯଜ୍ଞରେ ବହୁ ପୁରୋହିତ ବେଦ ମନ୍ତ୍ର ଉଚ୍ଚାରଣ କରିଥିଲେ । ପ୍ରତିଦିନ ଭଜନ, କୀର୍ତ୍ତନ ଓ ପ୍ରବଚନ ଅନୁଷ୍ଠିତ ହୋଇଥିଲା । ଶେଷ ଦିନ ମହାପ୍ରସାଦ ସେବନ କରାଯାଇଥିଲା । ବହୁ ଭକ୍ତ ଏଥିରେ ଯୋଗ ଦେଇ ବିଶ୍ୱଶାନ୍ତି ପାଇଁ ପ୍ରାର୍ଥନା କରିଥିଲେ ।
